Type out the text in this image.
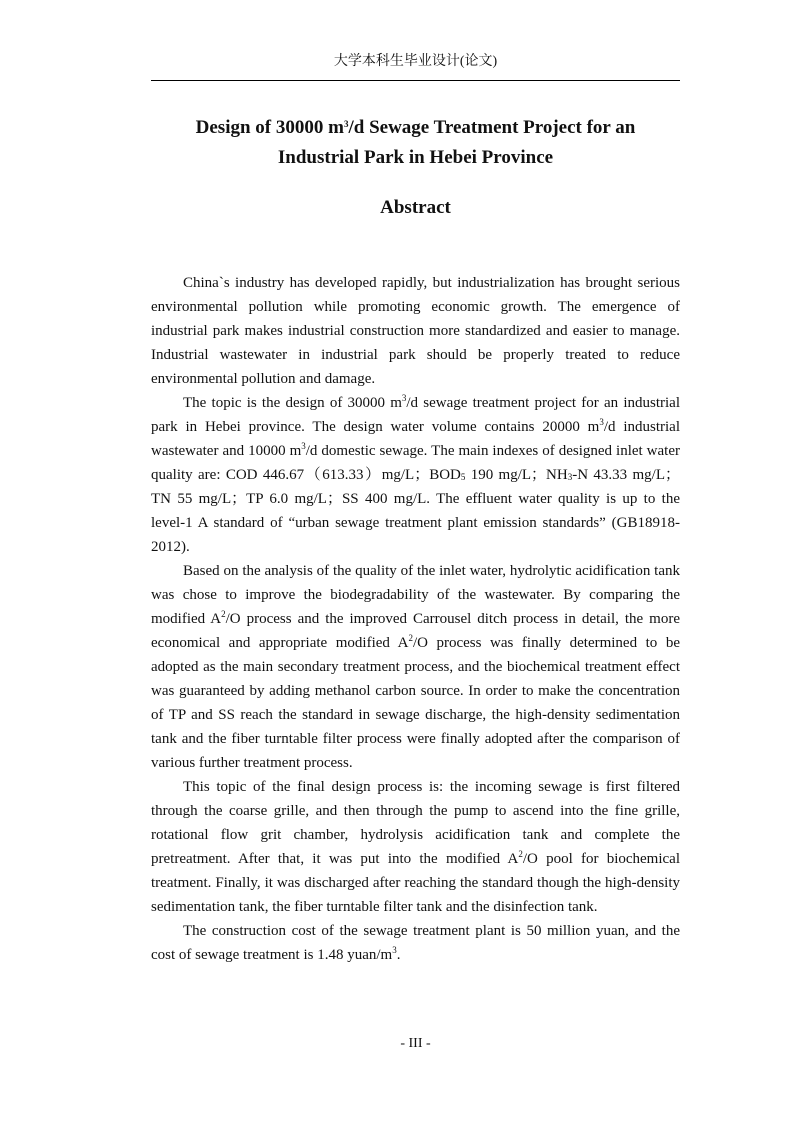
大学本科生毕业设计(论文)
Design of 30000 $m^3/d$ Sewage Treatment Project for an
Industrial Park in Hebei Province
Abstract

China`s industry has developed rapidly, but industrialization has brought serious environmental pollution while promoting economic growth. The emergence of industrial park makes industrial construction more standardized and easier to manage. Industrial wastewater in industrial park should be properly treated to reduce environmental pollution and damage.

The topic is the design of 30000 $m^3/d$ sewage treatment project for an industrial park in Hebei province. The design water volume contains 20000 $m^3/d$ industrial wastewater and 10000 $m^3/d$ domestic sewage. The main indexes of designed inlet water quality are: COD 446.67（613.33）mg/L；$BOD_5$ 190 mg/L；$NH_3-N$ 43.33 mg/L；TN 55 mg/L；TP 6.0 mg/L；SS 400 mg/L. The effluent water quality is up to the level-1 A standard of “urban sewage treatment plant emission standards” (GB18918-2012).

Based on the analysis of the quality of the inlet water, hydrolytic acidification tank was chose to improve the biodegradability of the wastewater. By comparing the modified $A^2/O$ process and the improved Carrousel ditch process in detail, the more economical and appropriate modified $A^2/O$ process was finally determined to be adopted as the main secondary treatment process, and the biochemical treatment effect was guaranteed by adding methanol carbon source. In order to make the concentration of TP and SS reach the standard in sewage discharge, the high-density sedimentation tank and the fiber turntable filter process were finally adopted after the comparison of various further treatment process.

This topic of the final design process is: the incoming sewage is first filtered through the coarse grille, and then through the pump to ascend into the fine grille, rotational flow grit chamber, hydrolysis acidification tank and complete the pretreatment. After that, it was put into the modified $A^2/O$ pool for biochemical treatment. Finally, it was discharged after reaching the standard though the high-density sedimentation tank, the fiber turntable filter tank and the disinfection tank.

The construction cost of the sewage treatment plant is 50 million yuan, and the cost of sewage treatment is 1.48 yuan/$m^3$.

- III -
